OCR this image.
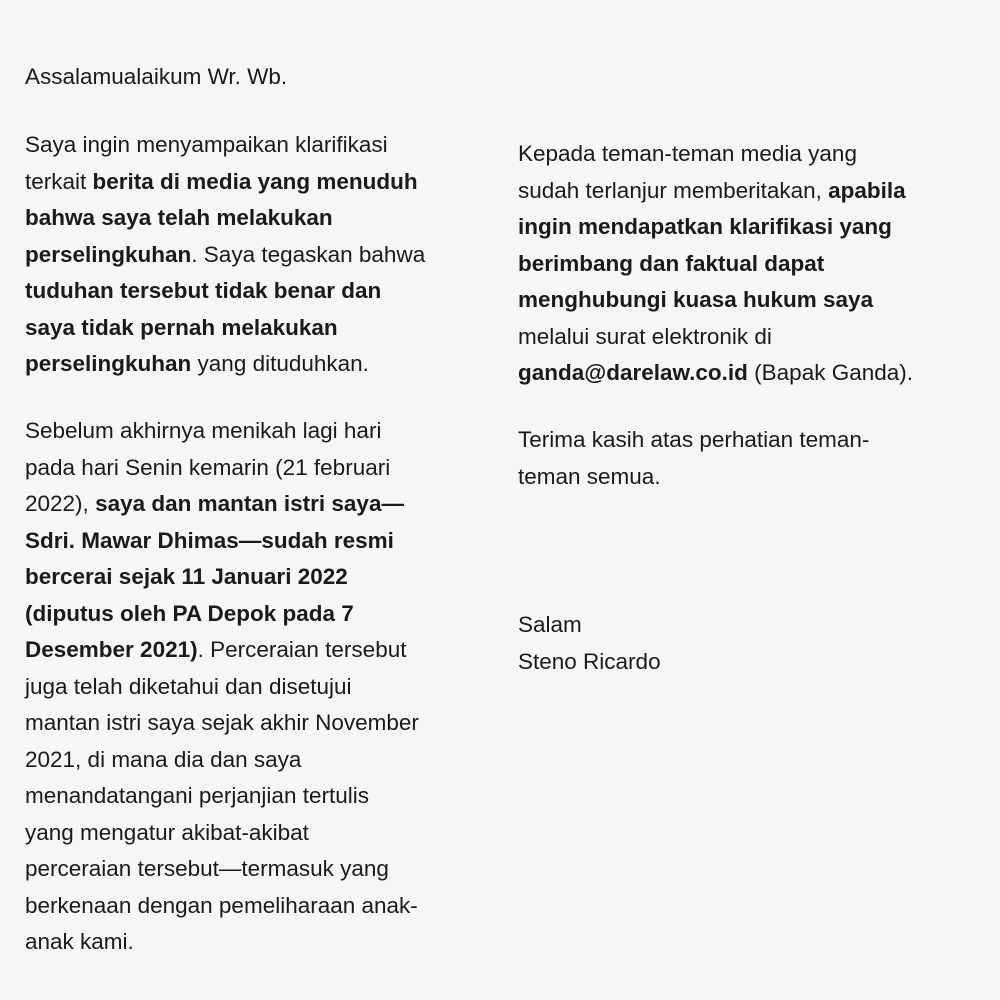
Assalamualaikum Wr. Wb.
Saya ingin menyampaikan klarifikasi
terkait berita di media yang menuduh
bahwa saya telah melakukan
perselingkuhan. Saya tegaskan bahwa
tuduhan tersebut tidak benar dan
saya tidak pernah melakukan
perselingkuhan yang dituduhkan.
Sebelum akhirnya menikah lagi hari
pada hari Senin kemarin (21 februari
2022), saya dan mantan istri saya—
Sdri. Mawar Dhimas—sudah resmi
bercerai sejak 11 Januari 2022
(diputus oleh PA Depok pada 7
Desember 2021). Perceraian tersebut
juga telah diketahui dan disetujui
mantan istri saya sejak akhir November
2021, di mana dia dan saya
menandatangani perjanjian tertulis
yang mengatur akibat-akibat
perceraian tersebut—termasuk yang
berkenaan dengan pemeliharaan anak-
anak kami.
Kepada teman-teman media yang
sudah terlanjur memberitakan, apabila
ingin mendapatkan klarifikasi yang
berimbang dan faktual dapat
menghubungi kuasa hukum saya
melalui surat elektronik di
ganda@darelaw.co.id (Bapak Ganda).
Terima kasih atas perhatian teman-
teman semua.
Salam
Steno Ricardo
